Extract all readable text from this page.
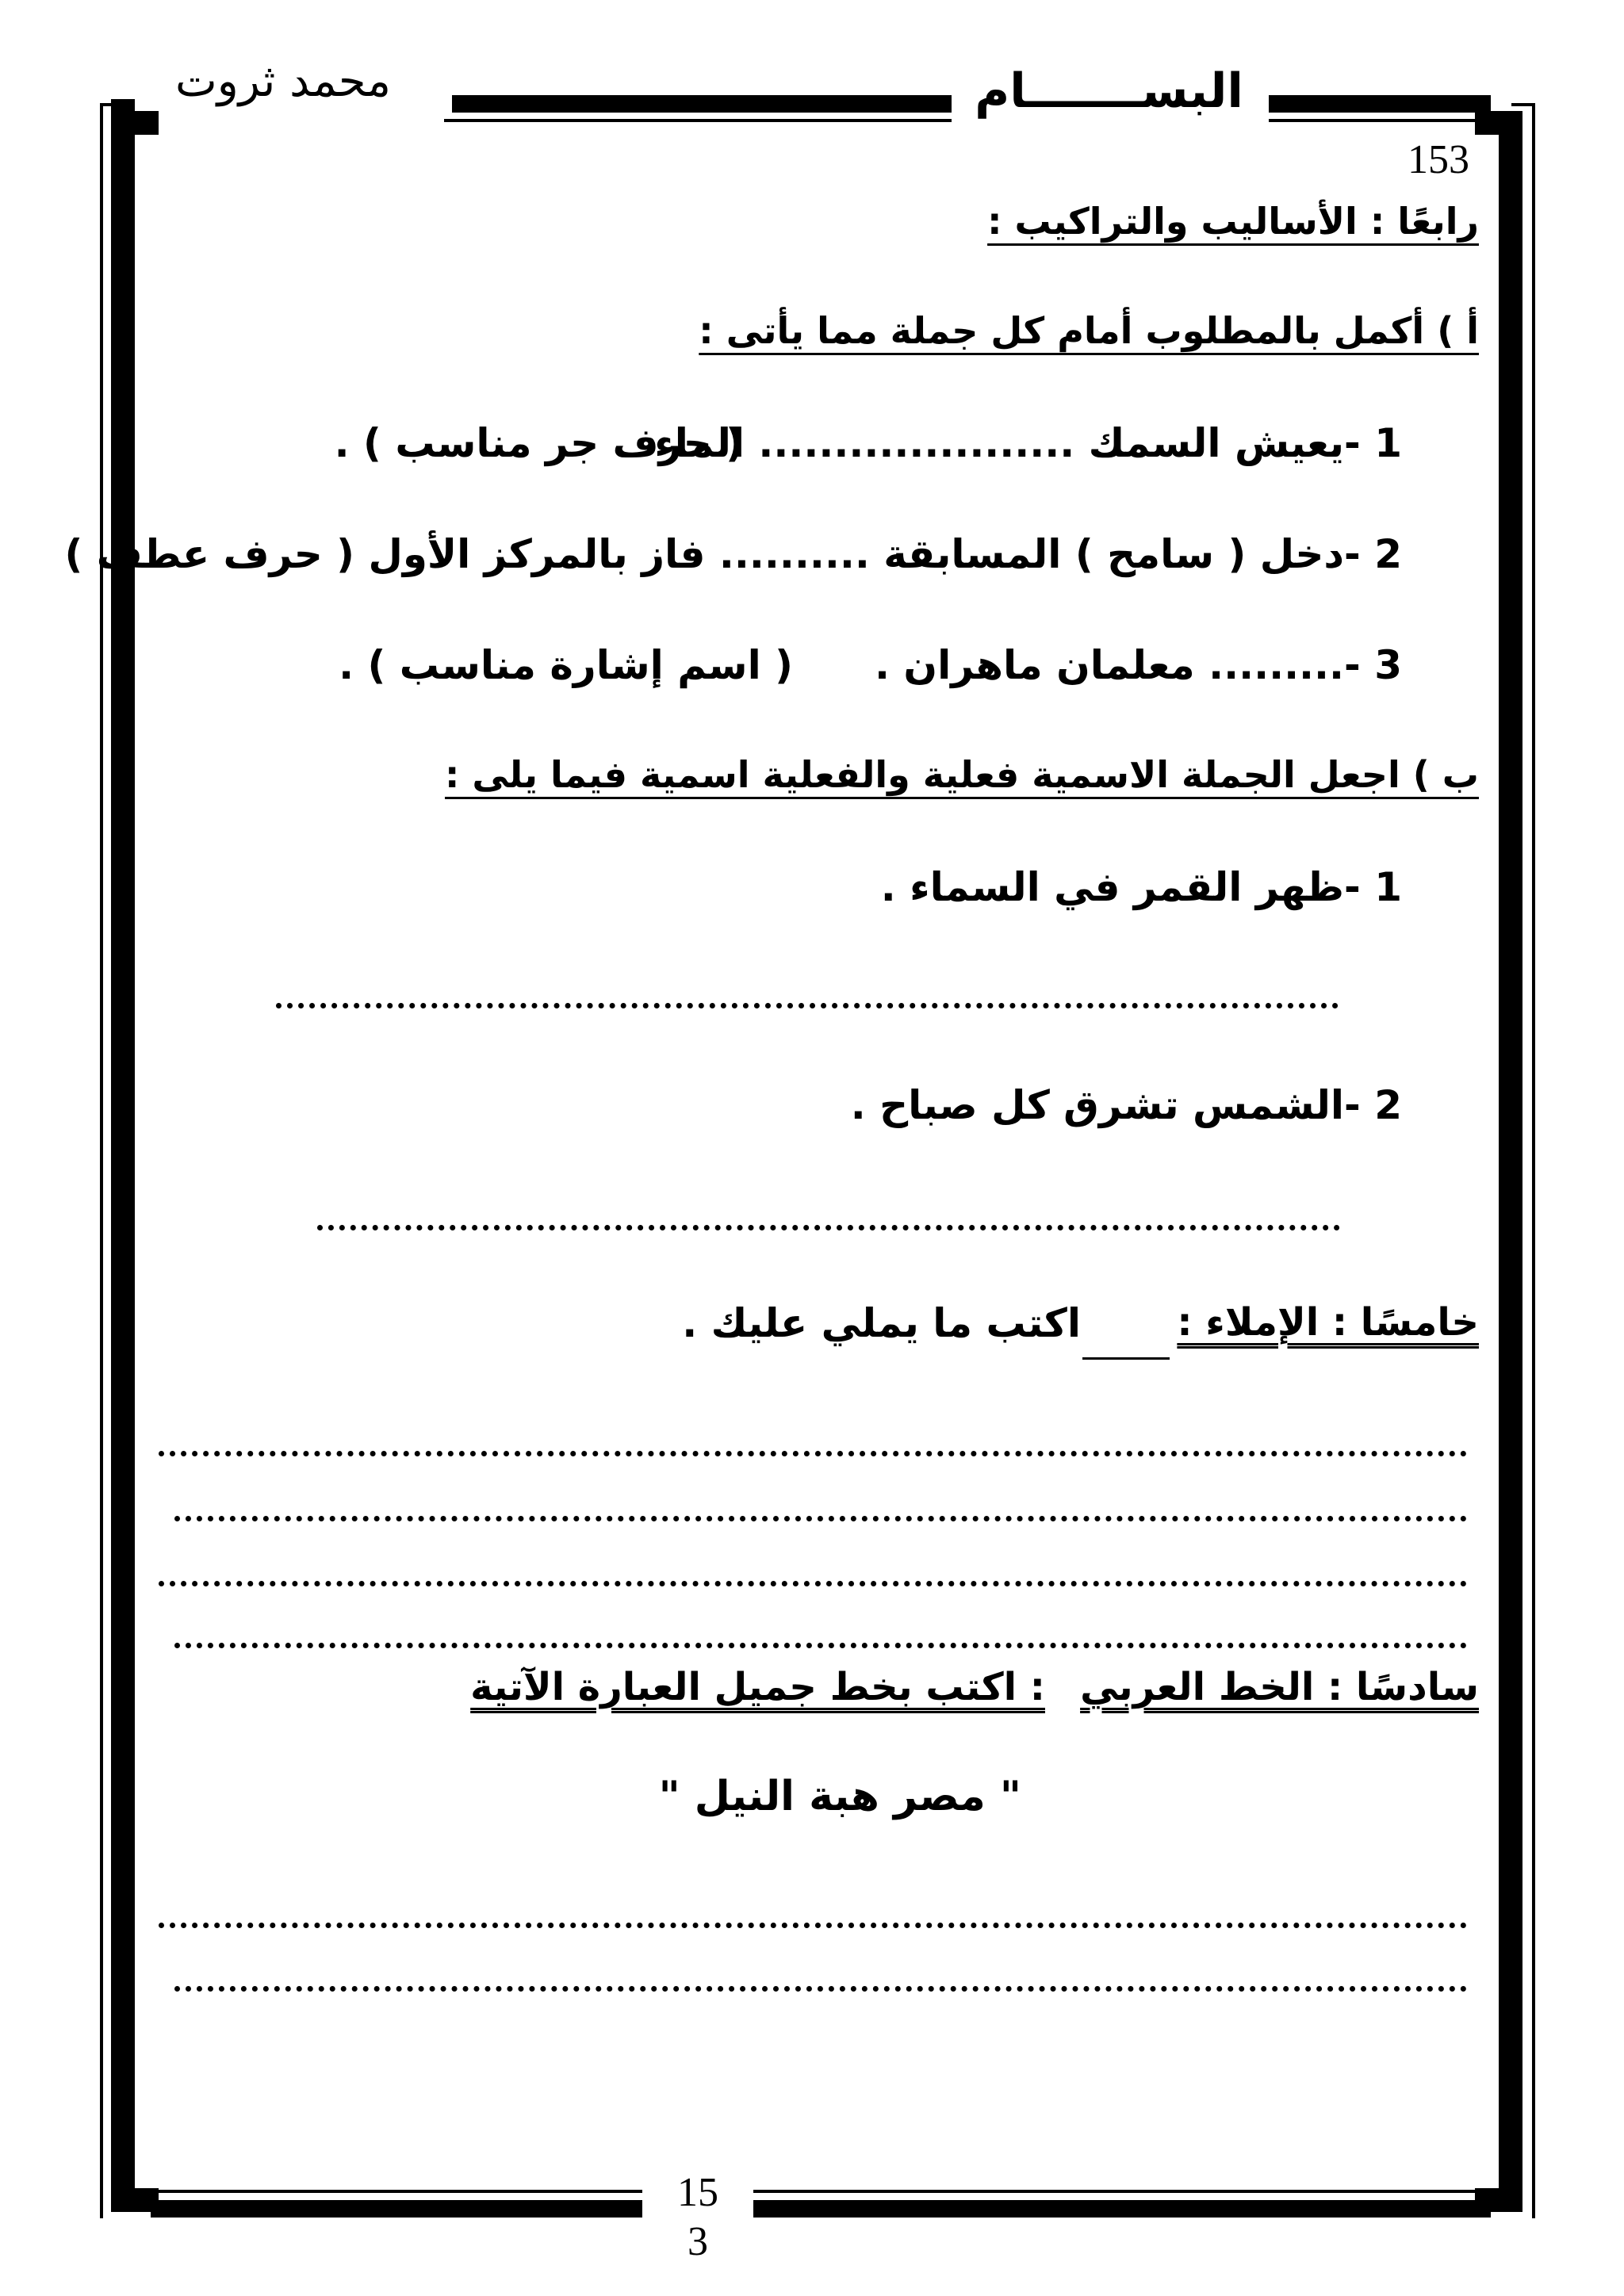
محمد ثروت	البســـــــام
153
رابعًا : الأساليب والتراكيب :
أ ) أكمل بالمطلوب أمام كل جملة مما يأتى :
1 -يعيش السمك ..................... الماء
( حرف جر مناسب ) .
2 -دخل ( سامح ) المسابقة .......... فاز بالمركز الأول ( حرف عطف )
3 -......... معلمان ماهران .
( اسم إشارة مناسب ) .
ب ) اجعل الجملة الاسمية فعلية والفعلية اسمية فيما يلى :
1 -ظهر القمر في السماء .
2 -الشمس تشرق كل صباح .
خامسًا : الإملاء :
اكتب ما يملي عليك .
سادسًا : الخط العربي
: اكتب بخط جميل العبارة الآتية
" مصر هبة النيل "
15 3
